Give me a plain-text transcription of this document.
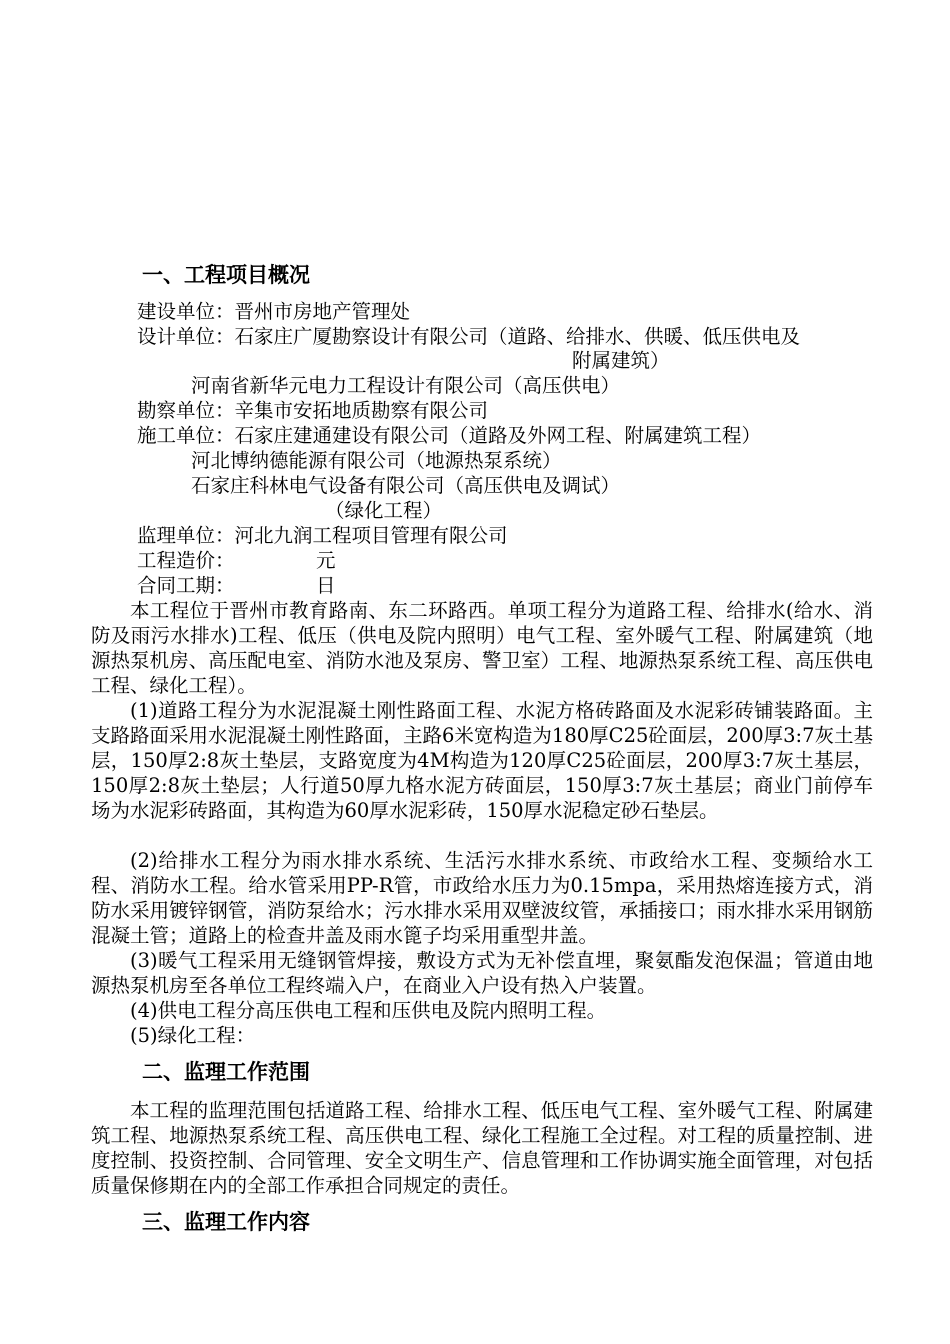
一、工程项目概况
建设单位：晋州市房地产管理处
设计单位：石家庄广厦勘察设计有限公司（道路、给排水、供暖、低压供电及
附属建筑）
河南省新华元电力工程设计有限公司（高压供电）
勘察单位：辛集市安拓地质勘察有限公司
施工单位：石家庄建通建设有限公司（道路及外网工程、附属建筑工程）
河北博纳德能源有限公司（地源热泵系统）
石家庄科林电气设备有限公司（高压供电及调试）
（绿化工程）
监理单位：河北九润工程项目管理有限公司
工程造价：	元
合同工期：	日

本工程位于晋州市教育路南、东二环路西。单项工程分为道路工程、给排水(给水、消防及雨污水排水)工程、低压（供电及院内照明）电气工程、室外暖气工程、附属建筑（地源热泵机房、高压配电室、消防水池及泵房、警卫室）工程、地源热泵系统工程、高压供电工程、绿化工程）。

(1)道路工程分为水泥混凝土刚性路面工程、水泥方格砖路面及水泥彩砖铺装路面。主支路路面采用水泥混凝土刚性路面，主路6米宽构造为180厚C25砼面层，200厚3:7灰土基层，150厚2:8灰土垫层，支路宽度为4M构造为120厚C25砼面层，200厚3:7灰土基层，150厚2:8灰土垫层；人行道50厚九格水泥方砖面层，150厚3:7灰土基层；商业门前停车场为水泥彩砖路面，其构造为60厚水泥彩砖，150厚水泥稳定砂石垫层。

(2)给排水工程分为雨水排水系统、生活污水排水系统、市政给水工程、变频给水工程、消防水工程。给水管采用PP-R管，市政给水压力为0.15mpa，采用热熔连接方式，消防水采用镀锌钢管，消防泵给水；污水排水采用双壁波纹管，承插接口；雨水排水采用钢筋混凝土管；道路上的检查井盖及雨水篦子均采用重型井盖。

(3)暖气工程采用无缝钢管焊接，敷设方式为无补偿直埋，聚氨酯发泡保温；管道由地源热泵机房至各单位工程终端入户，在商业入户设有热入户装置。

(4)供电工程分高压供电工程和压供电及院内照明工程。

(5)绿化工程：

二、监理工作范围

本工程的监理范围包括道路工程、给排水工程、低压电气工程、室外暖气工程、附属建筑工程、地源热泵系统工程、高压供电工程、绿化工程施工全过程。对工程的质量控制、进度控制、投资控制、合同管理、安全文明生产、信息管理和工作协调实施全面管理，对包括质量保修期在内的全部工作承担合同规定的责任。

三、监理工作内容
